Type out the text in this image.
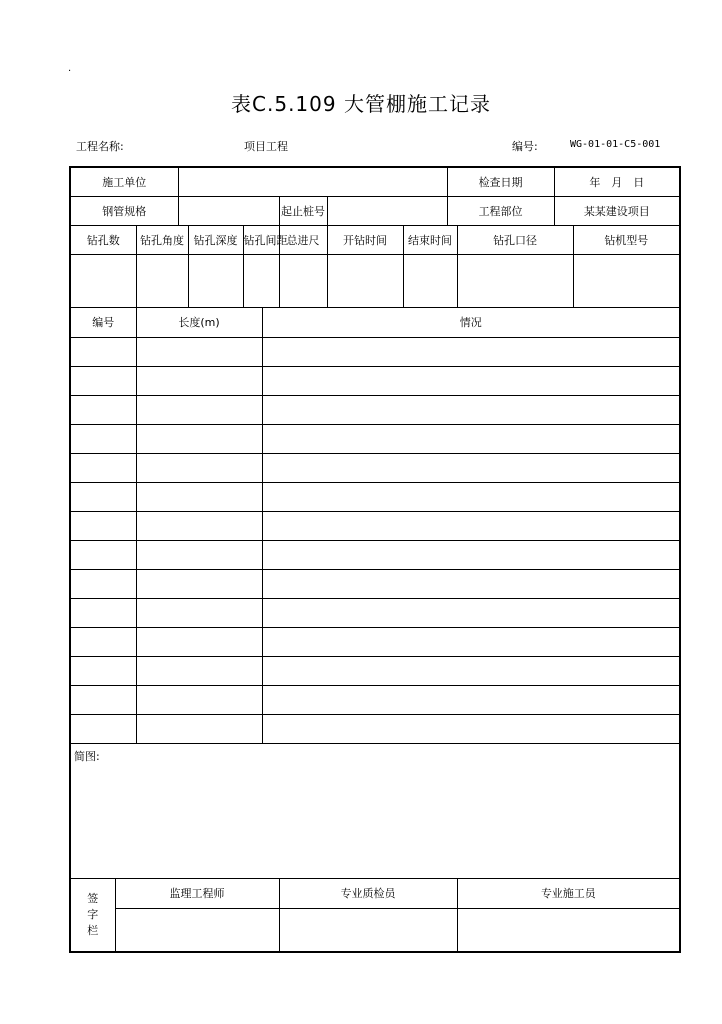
.
表C.5.109 大管棚施工记录
工程名称:	项目工程	编号:	WG-01-01-C5-001
施工单位										检查日期		年　月　日	
钢管规格							起止桩号			工程部位		某某建设项目	
钻孔数		钻孔角度		钻孔深度	钻孔间距		总进尺	开钻时间	结束时间		钻孔口径		钻机型号

编号		长度(m)				情况							

简图:													
签
字
栏	监理工程师						专业质检员				专业施工员		
